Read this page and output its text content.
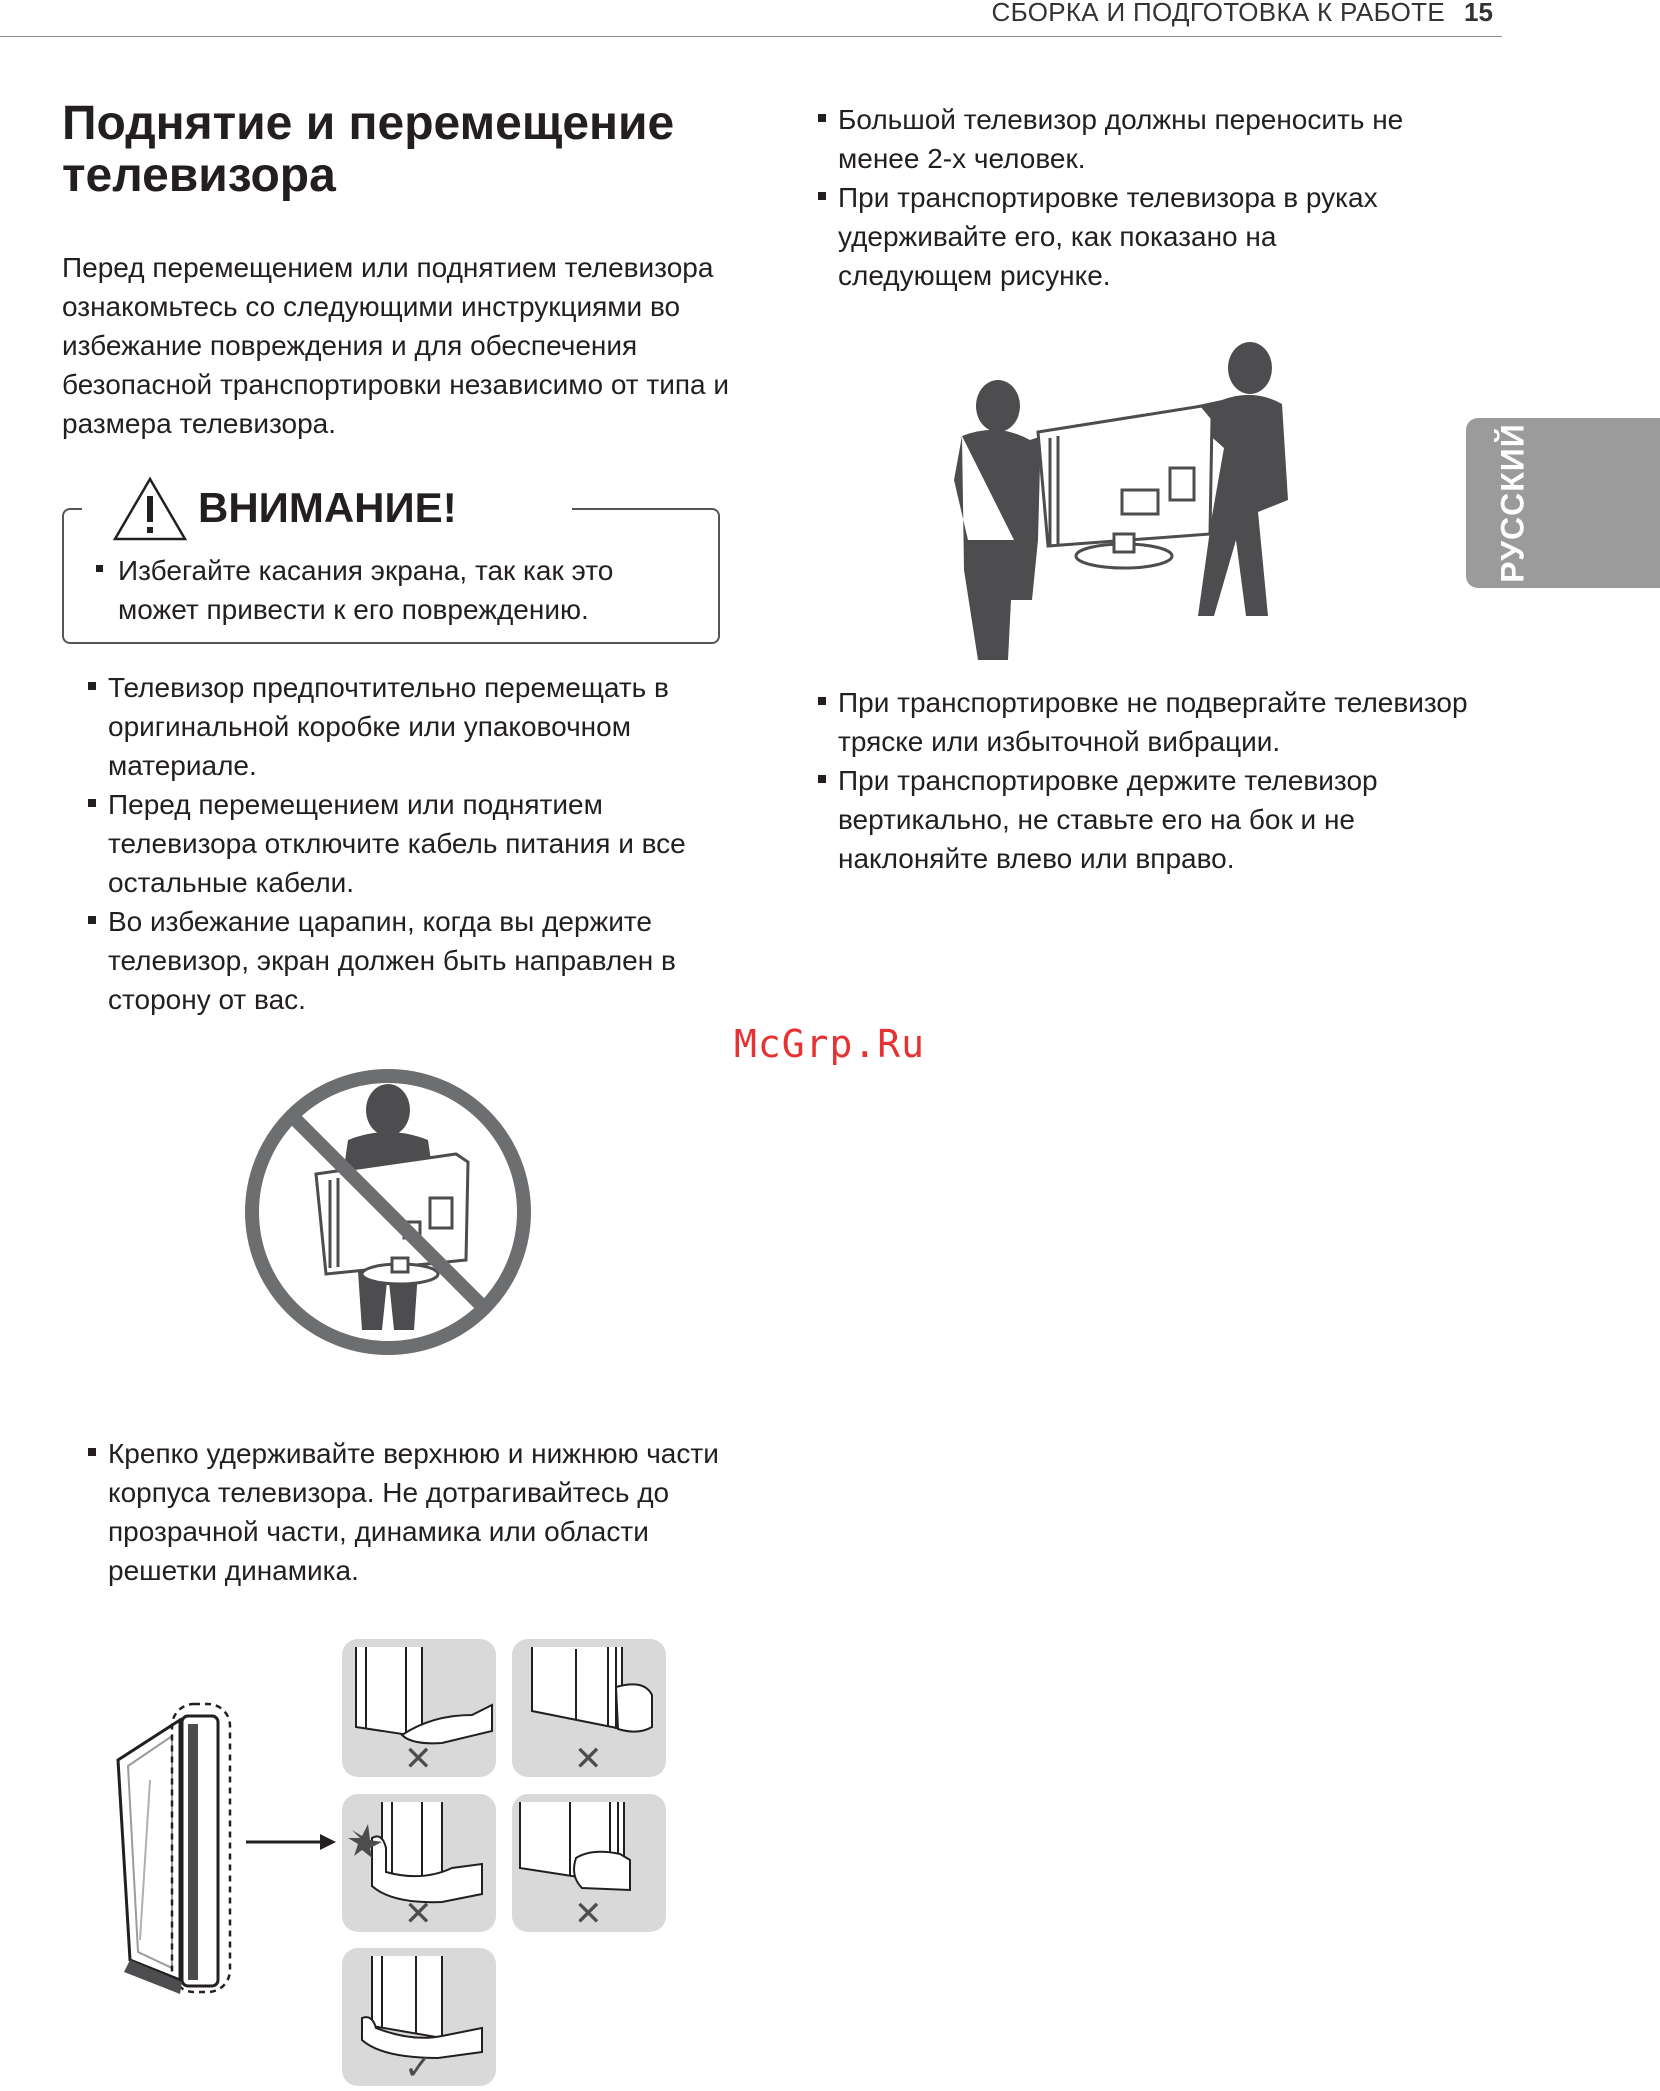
СБОРКА И ПОДГОТОВКА К РАБОТЕ 15
РУССКИЙ
Поднятие и перемещение
телевизора
Перед перемещением или поднятием телевизора ознакомьтесь со следующими инструкциями во избежание повреждения и для обеспечения безопасной транспортировки независимо от типа и размера телевизора.
ВНИМАНИЕ!
Избегайте касания экрана, так как это может привести к его повреждению.
Телевизор предпочтительно перемещать в оригинальной коробке или упаковочном материале.
Перед перемещением или поднятием телевизора отключите кабель питания и все остальные кабели.
Во избежание царапин, когда вы держите телевизор, экран должен быть направлен в сторону от вас.
Крепко удерживайте верхнюю и нижнюю части корпуса телевизора. Не дотрагивайтесь до прозрачной части, динамика или области решетки динамика.
✕	✕
✕	✕
✓
Большой телевизор должны переносить не менее 2-х человек.
При транспортировке телевизора в руках удерживайте его, как показано на следующем рисунке.
При транспортировке не подвергайте телевизор тряске или избыточной вибрации.
При транспортировке держите телевизор вертикально, не ставьте его на бок и не наклоняйте влево или вправо.
McGrp.Ru
